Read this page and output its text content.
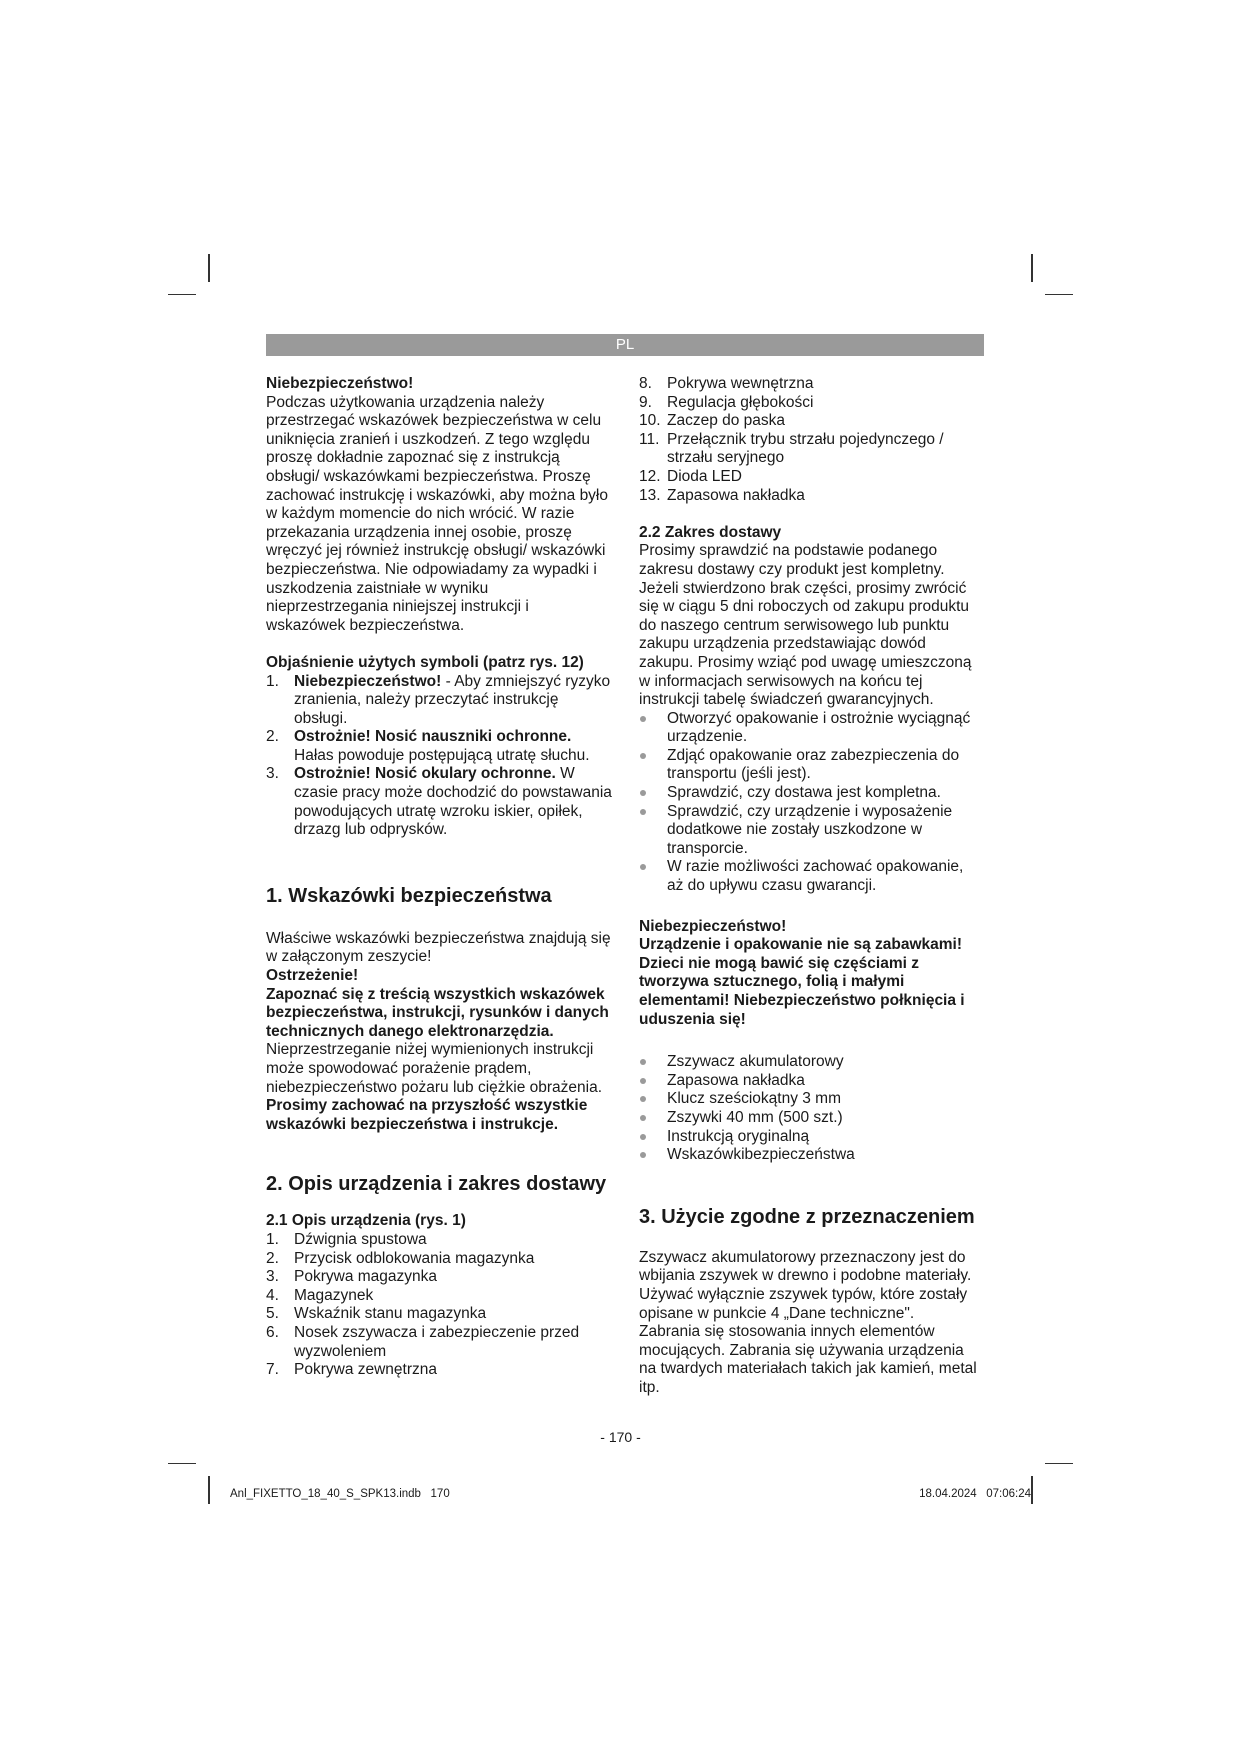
PL

Niebezpieczeństwo!

Podczas użytkowania urządzenia należy przestrzegać wskazówek bezpieczeństwa w celu uniknięcia zranień i uszkodzeń. Z tego względu proszę dokładnie zapoznać się z instrukcją obsługi/ wskazówkami bezpieczeństwa. Proszę zachować instrukcję i wskazówki, aby można było w każdym momencie do nich wrócić. W razie przekazania urządzenia innej osobie, proszę wręczyć jej również instrukcję obsługi/ wskazówki bezpieczeństwa. Nie odpowiadamy za wypadki i uszkodzenia zaistniałe w wyniku nieprzestrzegania niniejszej instrukcji i wskazówek bezpieczeństwa.

Objaśnienie użytych symboli (patrz rys. 12)

1. Niebezpieczeństwo! - Aby zmniejszyć ryzyko zranienia, należy przeczytać instrukcję obsługi.
2. Ostrożnie! Nosić nauszniki ochronne. Hałas powoduje postępującą utratę słuchu.
3. Ostrożnie! Nosić okulary ochronne. W czasie pracy może dochodzić do powstawania powodujących utratę wzroku iskier, opiłek, drzazg lub odprysków.
1. Wskazówki bezpieczeństwa

Właściwe wskazówki bezpieczeństwa znajdują się w załączonym zeszycie!

Ostrzeżenie!

Zapoznać się z treścią wszystkich wskazówek bezpieczeństwa, instrukcji, rysunków i danych technicznych danego elektronarzędzia. Nieprzestrzeganie niżej wymienionych instrukcji może spowodować porażenie prądem, niebezpieczeństwo pożaru lub ciężkie obrażenia.

Prosimy zachować na przyszłość wszystkie wskazówki bezpieczeństwa i instrukcje.

2. Opis urządzenia i zakres dostawy

2.1 Opis urządzenia (rys. 1)

1. Dźwignia spustowa
2. Przycisk odblokowania magazynka
3. Pokrywa magazynka
4. Magazynek
5. Wskaźnik stanu magazynka
6. Nosek zszywacza i zabezpieczenie przed wyzwoleniem
7. Pokrywa zewnętrzna
8. Pokrywa wewnętrzna
9. Regulacja głębokości
10. Zaczep do paska
11. Przełącznik trybu strzału pojedynczego / strzału seryjnego
12. Dioda LED
13. Zapasowa nakładka

2.2 Zakres dostawy

Prosimy sprawdzić na podstawie podanego zakresu dostawy czy produkt jest kompletny. Jeżeli stwierdzono brak części, prosimy zwrócić się w ciągu 5 dni roboczych od zakupu produktu do naszego centrum serwisowego lub punktu zakupu urządzenia przedstawiając dowód zakupu. Prosimy wziąć pod uwagę umieszczoną w informacjach serwisowych na końcu tej instrukcji tabelę świadczeń gwarancyjnych.

Otworzyć opakowanie i ostrożnie wyciągnąć urządzenie.
Zdjąć opakowanie oraz zabezpieczenia do transportu (jeśli jest).
Sprawdzić, czy dostawa jest kompletna.
Sprawdzić, czy urządzenie i wyposażenie dodatkowe nie zostały uszkodzone w transporcie.
W razie możliwości zachować opakowanie, aż do upływu czasu gwarancji.

Niebezpieczeństwo!

Urządzenie i opakowanie nie są zabawkami! Dzieci nie mogą bawić się częściami z tworzywa sztucznego, folią i małymi elementami! Niebezpieczeństwo połknięcia i uduszenia się!

Zszywacz akumulatorowy
Zapasowa nakładka
Klucz sześciokątny 3 mm
Zszywki 40 mm (500 szt.)
Instrukcją oryginalną
Wskazówkibezpieczeństwa
3. Użycie zgodne z przeznaczeniem

Zszywacz akumulatorowy przeznaczony jest do wbijania zszywek w drewno i podobne materiały. Używać wyłącznie zszywek typów, które zostały opisane w punkcie 4 „Dane techniczne". Zabrania się stosowania innych elementów mocujących. Zabrania się używania urządzenia na twardych materiałach takich jak kamień, metal itp.

- 170 -
Anl_FIXETTO_18_40_S_SPK13.indb   170	18.04.2024   07:06:24
